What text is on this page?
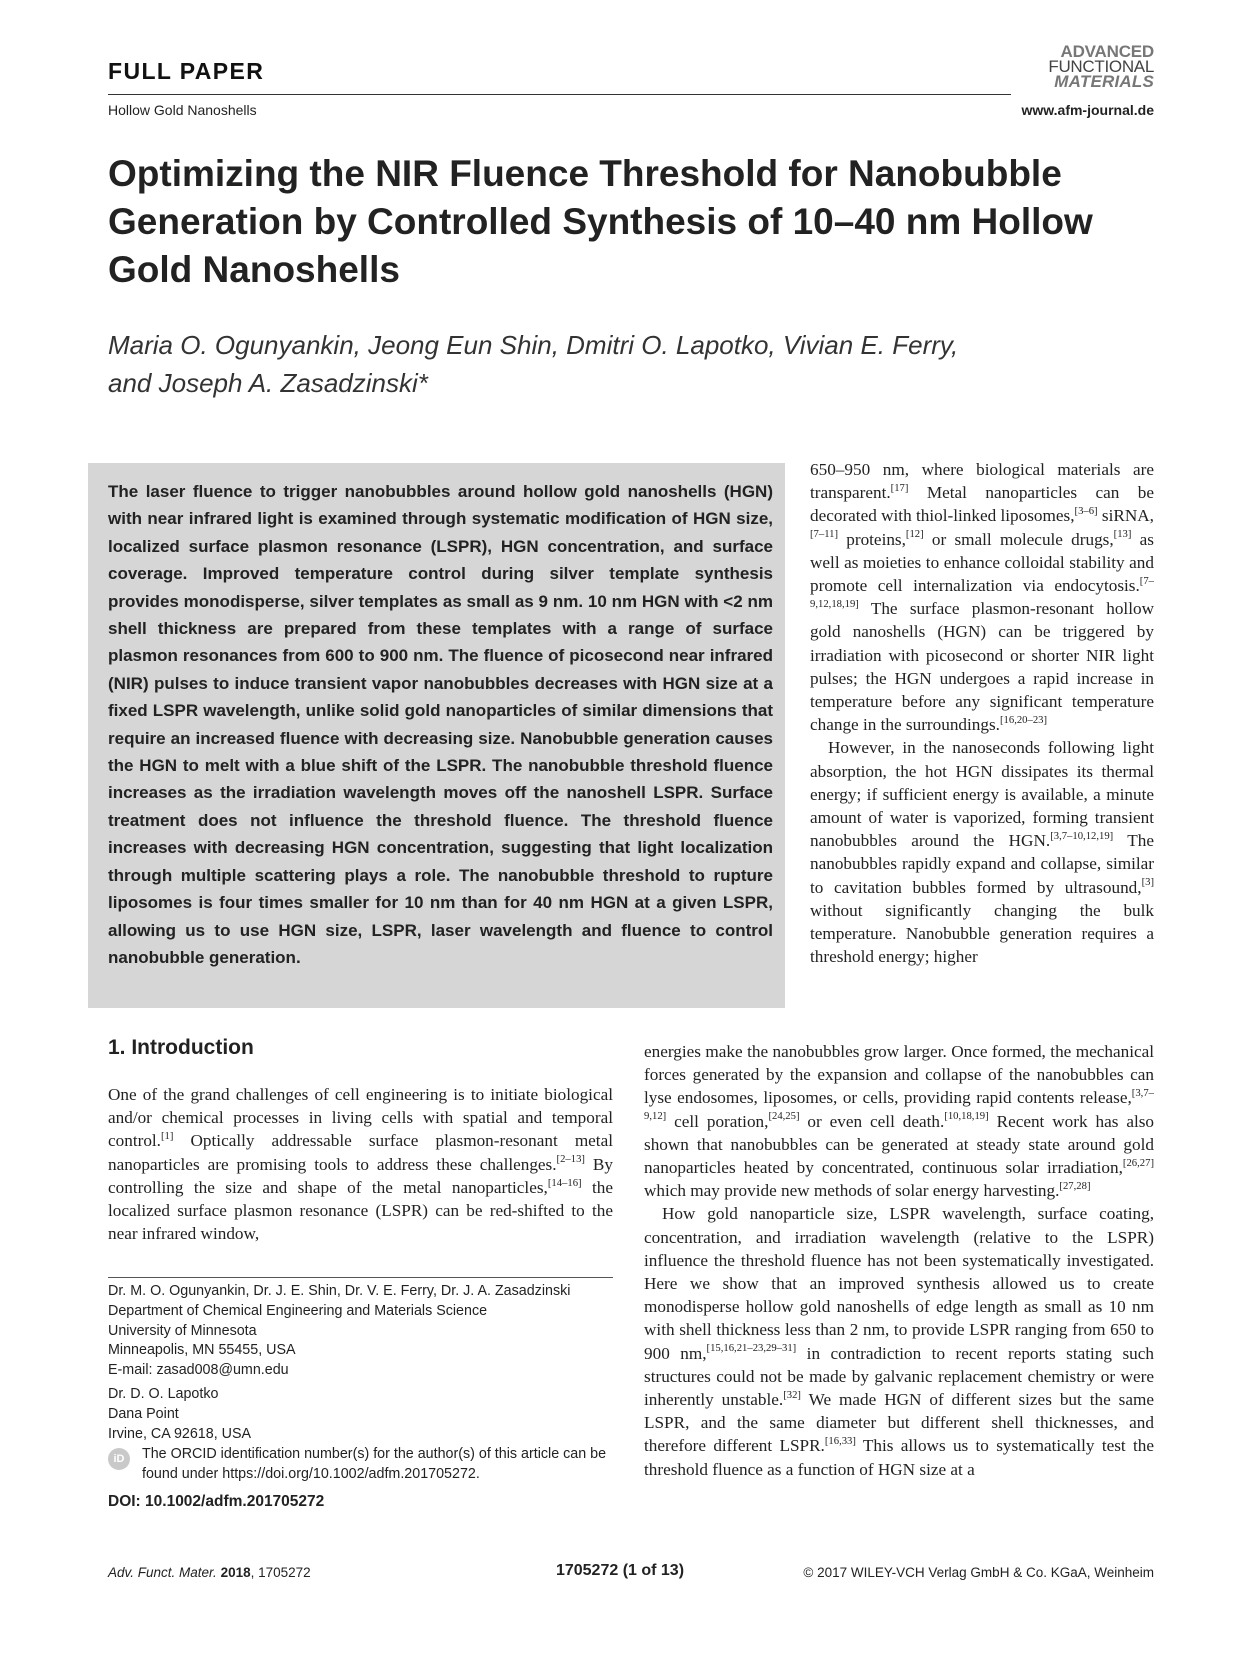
FULL PAPER
Hollow Gold Nanoshells
ADVANCED
FUNCTIONAL
MATERIALS
www.afm-journal.de
Optimizing the NIR Fluence Threshold for Nanobubble Generation by Controlled Synthesis of 10–40 nm Hollow Gold Nanoshells
Maria O. Ogunyankin, Jeong Eun Shin, Dmitri O. Lapotko, Vivian E. Ferry,
and Joseph A. Zasadzinski*
The laser fluence to trigger nanobubbles around hollow gold nanoshells (HGN) with near infrared light is examined through systematic modification of HGN size, localized surface plasmon resonance (LSPR), HGN concentration, and surface coverage. Improved temperature control during silver template synthesis provides monodisperse, silver templates as small as 9 nm. 10 nm HGN with <2 nm shell thickness are prepared from these templates with a range of surface plasmon resonances from 600 to 900 nm. The fluence of picosecond near infrared (NIR) pulses to induce transient vapor nanobubbles decreases with HGN size at a fixed LSPR wavelength, unlike solid gold nanoparticles of similar dimensions that require an increased fluence with decreasing size. Nanobubble generation causes the HGN to melt with a blue shift of the LSPR. The nanobubble threshold fluence increases as the irradiation wavelength moves off the nanoshell LSPR. Surface treatment does not influence the threshold fluence. The threshold fluence increases with decreasing HGN concentration, suggesting that light localization through multiple scattering plays a role. The nanobubble threshold to rupture liposomes is four times smaller for 10 nm than for 40 nm HGN at a given LSPR, allowing us to use HGN size, LSPR, laser wavelength and fluence to control nanobubble generation.

650–950 nm, where biological materials are transparent.[17] Metal nanoparticles can be decorated with thiol-linked liposomes,[3–6] siRNA,[7–11] proteins,[12] or small molecule drugs,[13] as well as moieties to enhance colloidal stability and promote cell internalization via endocytosis.[7–9,12,18,19] The surface plasmon-resonant hollow gold nanoshells (HGN) can be triggered by irradiation with picosecond or shorter NIR light pulses; the HGN undergoes a rapid increase in temperature before any significant temperature change in the surroundings.[16,20–23]

However, in the nanoseconds following light absorption, the hot HGN dissipates its thermal energy; if sufficient energy is available, a minute amount of water is vaporized, forming transient nanobubbles around the HGN.[3,7–10,12,19] The nanobubbles rapidly expand and collapse, similar to cavitation bubbles formed by ultrasound,[3] without significantly changing the bulk temperature. Nanobubble generation requires a threshold energy; higher

1. Introduction

One of the grand challenges of cell engineering is to initiate biological and/or chemical processes in living cells with spatial and temporal control.[1] Optically addressable surface plasmon-resonant metal nanoparticles are promising tools to address these challenges.[2–13] By controlling the size and shape of the metal nanoparticles,[14–16] the localized surface plasmon resonance (LSPR) can be red-shifted to the near infrared window,

energies make the nanobubbles grow larger. Once formed, the mechanical forces generated by the expansion and collapse of the nanobubbles can lyse endosomes, liposomes, or cells, providing rapid contents release,[3,7–9,12] cell poration,[24,25] or even cell death.[10,18,19] Recent work has also shown that nanobubbles can be generated at steady state around gold nanoparticles heated by concentrated, continuous solar irradiation,[26,27] which may provide new methods of solar energy harvesting.[27,28]

How gold nanoparticle size, LSPR wavelength, surface coating, concentration, and irradiation wavelength (relative to the LSPR) influence the threshold fluence has not been systematically investigated. Here we show that an improved synthesis allowed us to create monodisperse hollow gold nanoshells of edge length as small as 10 nm with shell thickness less than 2 nm, to provide LSPR ranging from 650 to 900 nm,[15,16,21–23,29–31] in contradiction to recent reports stating such structures could not be made by galvanic replacement chemistry or were inherently unstable.[32] We made HGN of different sizes but the same LSPR, and the same diameter but different shell thicknesses, and therefore different LSPR.[16,33] This allows us to systematically test the threshold fluence as a function of HGN size at a

Dr. M. O. Ogunyankin, Dr. J. E. Shin, Dr. V. E. Ferry, Dr. J. A. Zasadzinski
Department of Chemical Engineering and Materials Science
University of Minnesota
Minneapolis, MN 55455, USA
E-mail: zasad008@umn.edu
Dr. D. O. Lapotko
Dana Point
Irvine, CA 92618, USA
iD	The ORCID identification number(s) for the author(s) of this article can be found under https://doi.org/10.1002/adfm.201705272.
DOI: 10.1002/adfm.201705272
Adv. Funct. Mater. 2018, 1705272	1705272 (1 of 13)	© 2017 WILEY-VCH Verlag GmbH & Co. KGaA, Weinheim
